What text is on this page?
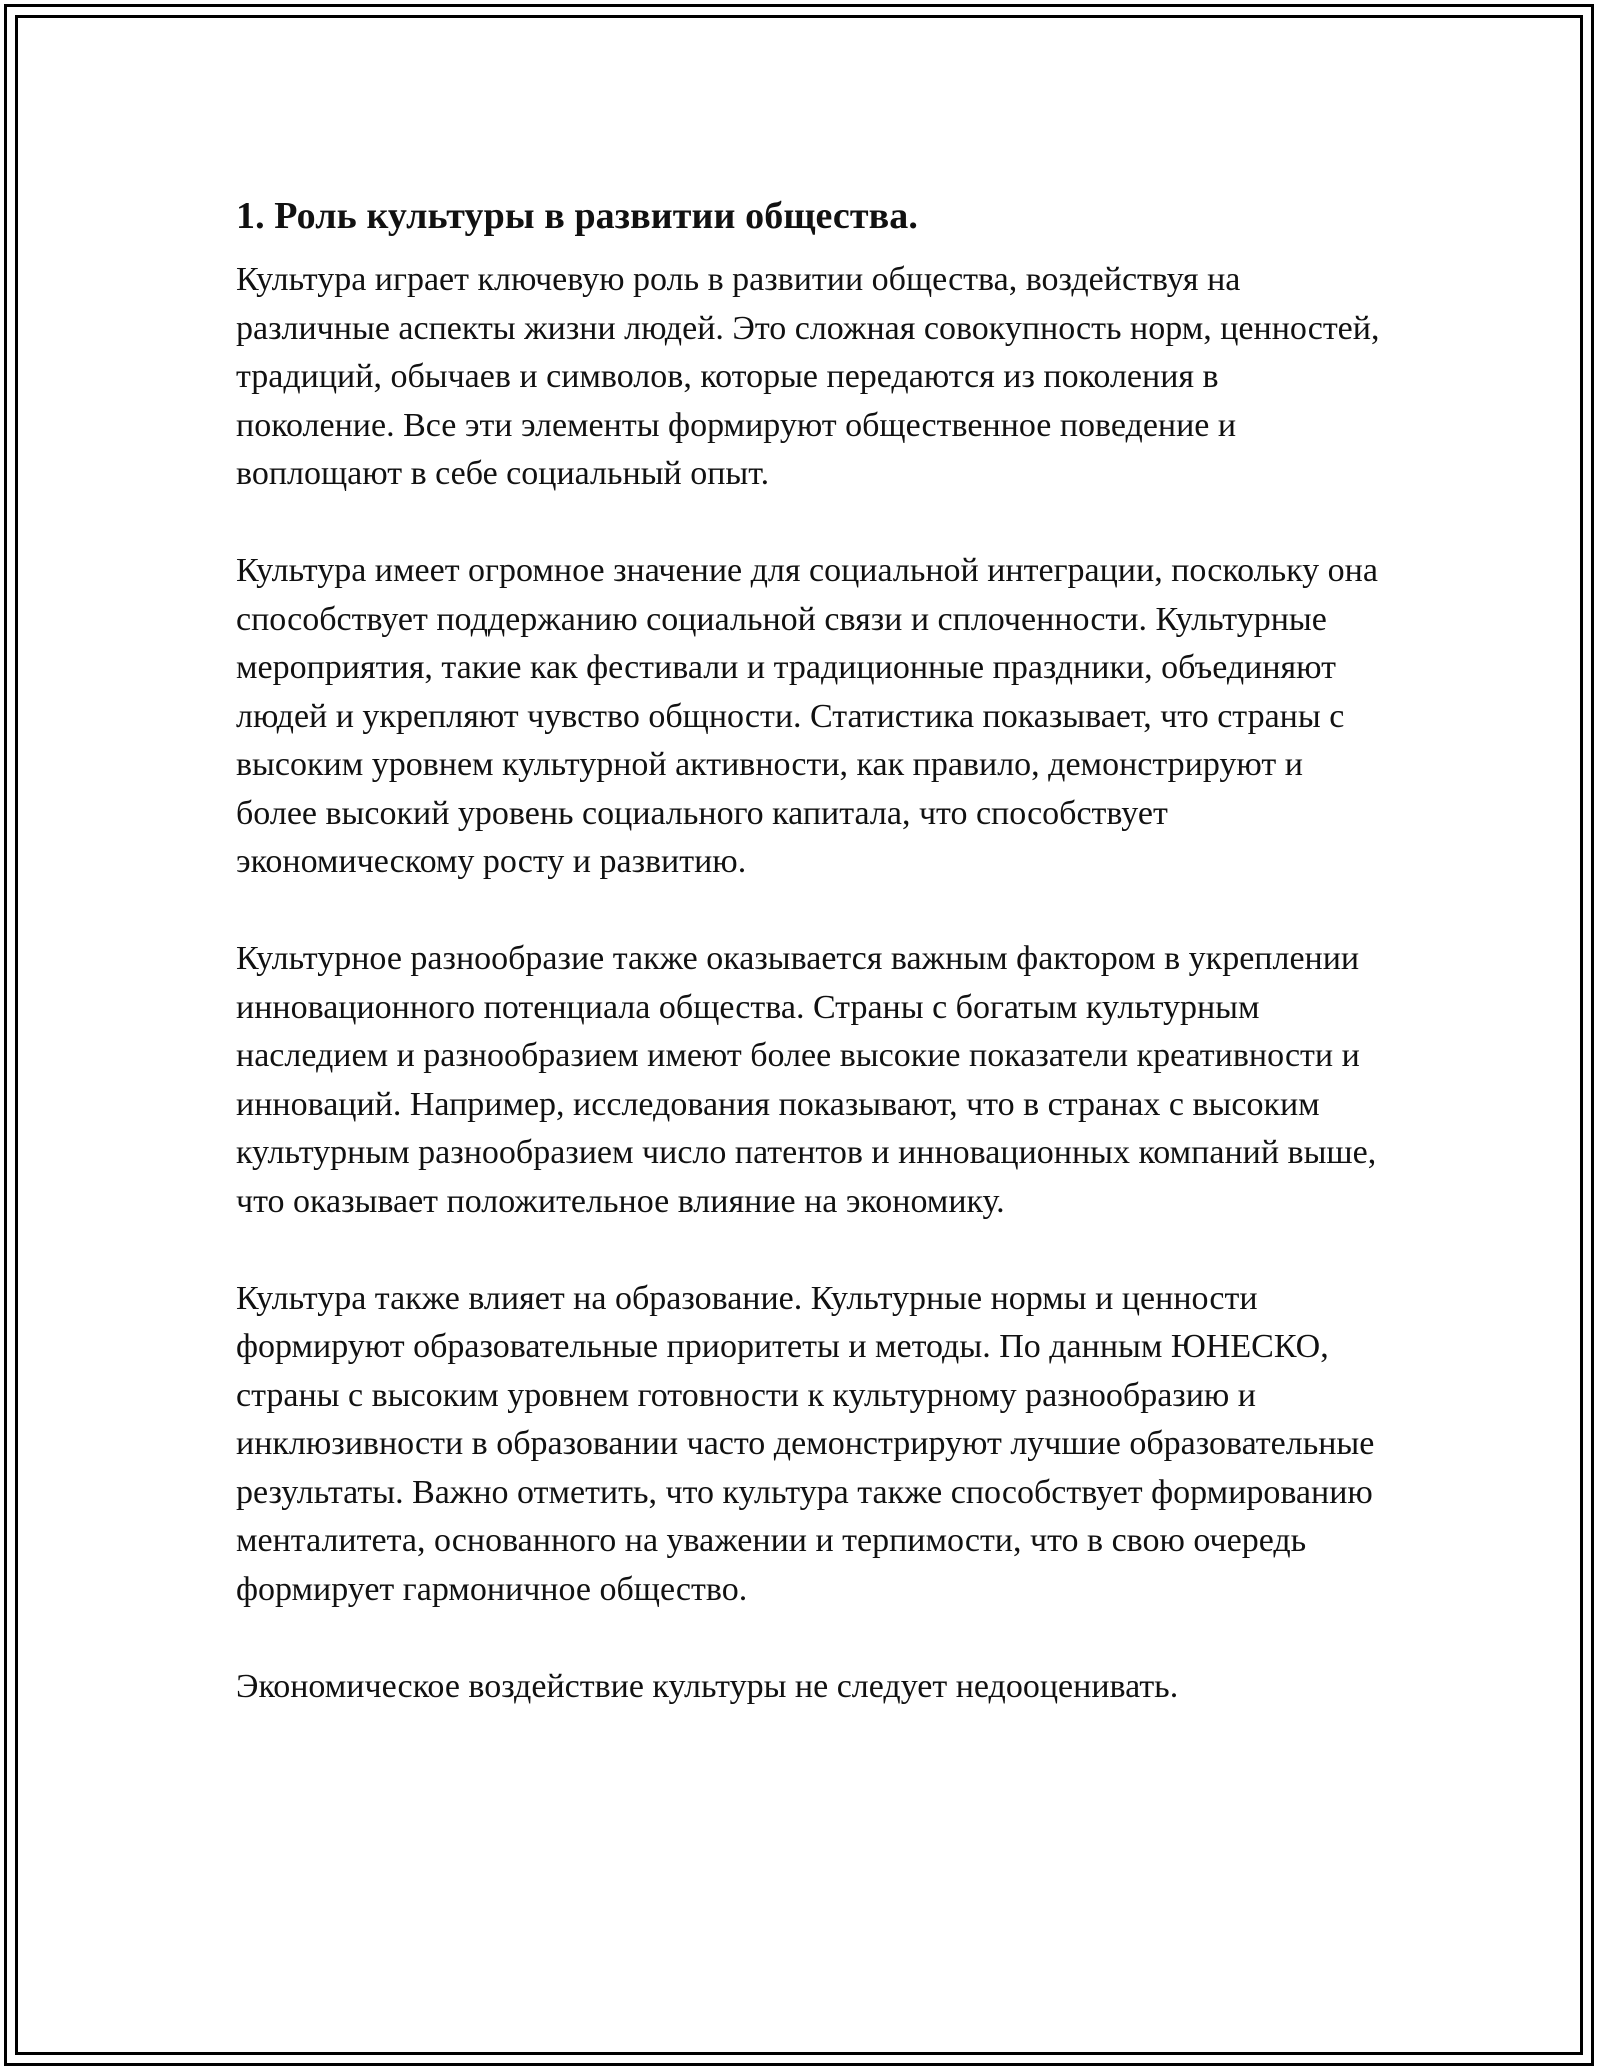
1. Роль культуры в развитии общества.

Культура играет ключевую роль в развитии общества, воздействуя на различные аспекты жизни людей. Это сложная совокупность норм, ценностей, традиций, обычаев и символов, которые передаются из поколения в поколение. Все эти элементы формируют общественное поведение и воплощают в себе социальный опыт.

Культура имеет огромное значение для социальной интеграции, поскольку она способствует поддержанию социальной связи и сплоченности. Культурные мероприятия, такие как фестивали и традиционные праздники, объединяют людей и укрепляют чувство общности. Статистика показывает, что страны с высоким уровнем культурной активности, как правило, демонстрируют и более высокий уровень социального капитала, что способствует экономическому росту и развитию.

Культурное разнообразие также оказывается важным фактором в укреплении инновационного потенциала общества. Страны с богатым культурным наследием и разнообразием имеют более высокие показатели креативности и инноваций. Например, исследования показывают, что в странах с высоким культурным разнообразием число патентов и инновационных компаний выше, что оказывает положительное влияние на экономику.

Культура также влияет на образование. Культурные нормы и ценности формируют образовательные приоритеты и методы. По данным ЮНЕСКО, страны с высоким уровнем готовности к культурному разнообразию и инклюзивности в образовании часто демонстрируют лучшие образовательные результаты. Важно отметить, что культура также способствует формированию менталитета, основанного на уважении и терпимости, что в свою очередь формирует гармоничное общество.

Экономическое воздействие культуры не следует недооценивать.
